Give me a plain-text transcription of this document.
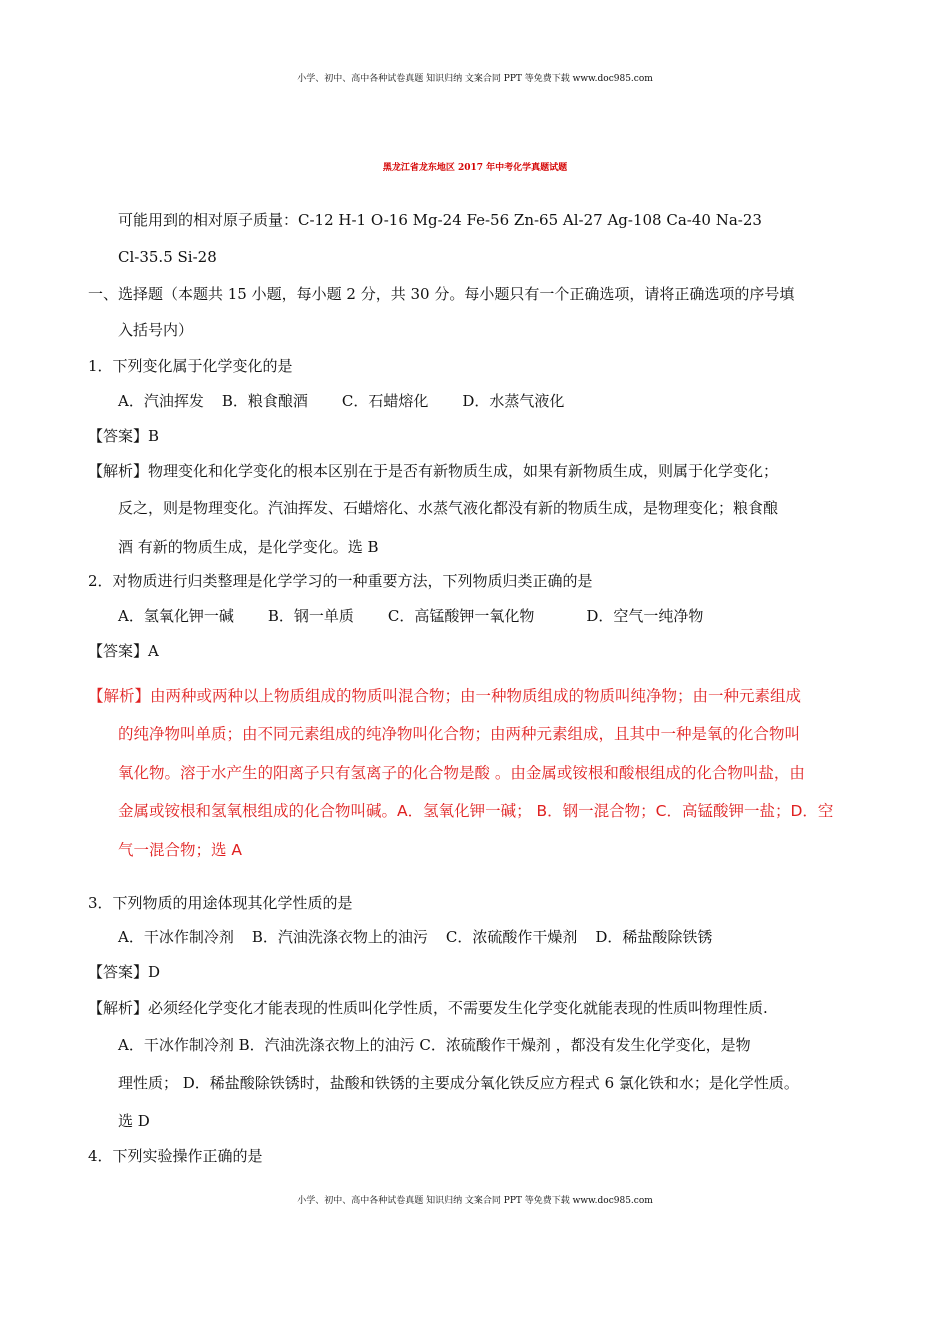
小学、初中、高中各种试卷真题 知识归纳 文案合同 PPT 等免费下载 www.doc985.com
黑龙江省龙东地区 2017 年中考化学真题试题
可能用到的相对原子质量：C-12 H-1 O-16 Mg-24 Fe-56 Zn-65 Al-27 Ag-108 Ca-40 Na-23
Cl-35.5 Si-28
一、选择题（本题共 15 小题，每小题 2 分，共 30 分。每小题只有一个正确选项，请将正确选项的序号填
入括号内）
1．下列变化属于化学变化的是
A．汽油挥发 B．粮食酿酒 C．石蜡熔化 D．水蒸气液化
【答案】B
【解析】物理变化和化学变化的根本区别在于是否有新物质生成，如果有新物质生成，则属于化学变化；
反之，则是物理变化。汽油挥发、石蜡熔化、水蒸气液化都没有新的物质生成，是物理变化；粮食酿
酒 有新的物质生成，是化学变化。选 B
2．对物质进行归类整理是化学学习的一种重要方法，下列物质归类正确的是
A．氢氧化钾一碱 B．钢一单质 C．高锰酸钾一氧化物	D．空气一纯净物
【答案】A
【解析】由两种或两种以上物质组成的物质叫混合物；由一种物质组成的物质叫纯净物；由一种元素组成
的纯净物叫单质；由不同元素组成的纯净物叫化合物；由两种元素组成，且其中一种是氧的化合物叫
氧化物。溶于水产生的阳离子只有氢离子的化合物是酸 。由金属或铵根和酸根组成的化合物叫盐，由
金属或铵根和氢氧根组成的化合物叫碱。A．氢氧化钾一碱； B．钢一混合物；C．高锰酸钾一盐；D．空
气一混合物；选 A
3．下列物质的用途体现其化学性质的是
A．干冰作制冷剂 B．汽油洗涤衣物上的油污 C．浓硫酸作干燥剂 D．稀盐酸除铁锈
【答案】D
【解析】必须经化学变化才能表现的性质叫化学性质，不需要发生化学变化就能表现的性质叫物理性质.
A．干冰作制冷剂 B．汽油洗涤衣物上的油污 C．浓硫酸作干燥剂 ，都没有发生化学变化，是物
理性质； D．稀盐酸除铁锈时，盐酸和铁锈的主要成分氧化铁反应方程式 6 氯化铁和水；是化学性质。
选 D
4．下列实验操作正确的是
小学、初中、高中各种试卷真题 知识归纳 文案合同 PPT 等免费下载 www.doc985.com
